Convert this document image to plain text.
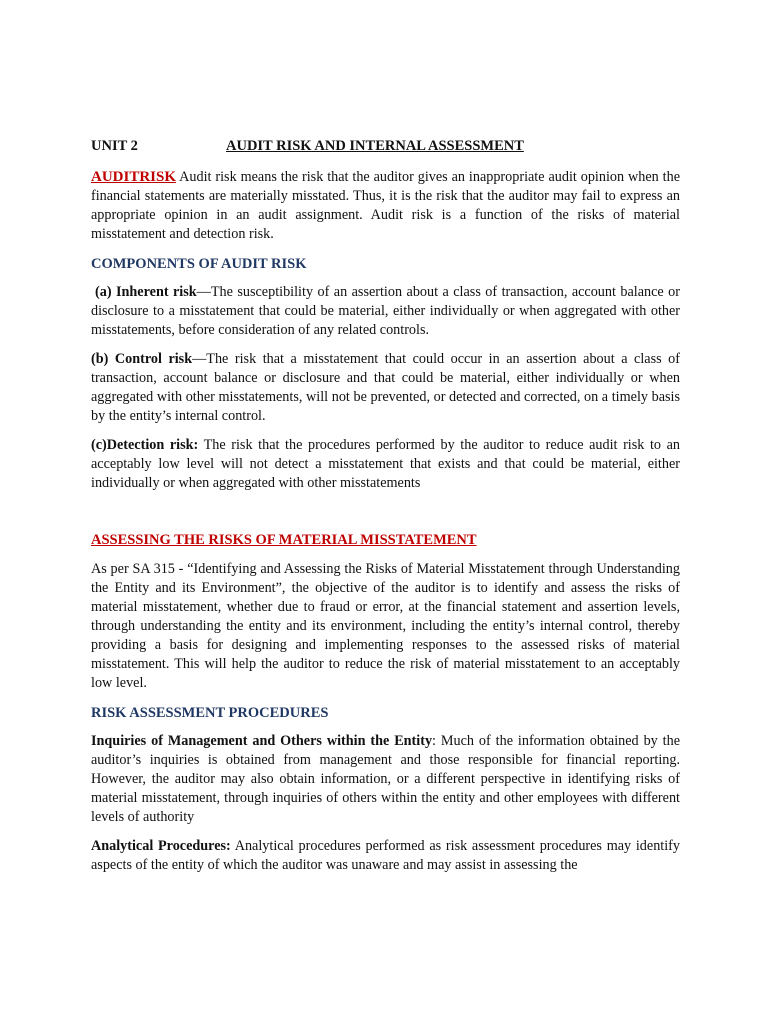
UNIT 2	AUDIT RISK AND INTERNAL ASSESSMENT

AUDITRISK Audit risk means the risk that the auditor gives an inappropriate audit opinion when the financial statements are materially misstated. Thus, it is the risk that the auditor may fail to express an appropriate opinion in an audit assignment. Audit risk is a function of the risks of material misstatement and detection risk.

COMPONENTS OF AUDIT RISK

(a) Inherent risk—The susceptibility of an assertion about a class of transaction, account balance or disclosure to a misstatement that could be material, either individually or when aggregated with other misstatements, before consideration of any related controls.

(b) Control risk—The risk that a misstatement that could occur in an assertion about a class of transaction, account balance or disclosure and that could be material, either individually or when aggregated with other misstatements, will not be prevented, or detected and corrected, on a timely basis by the entity’s internal control.

(c)Detection risk: The risk that the procedures performed by the auditor to reduce audit risk to an acceptably low level will not detect a misstatement that exists and that could be material, either individually or when aggregated with other misstatements

ASSESSING THE RISKS OF MATERIAL MISSTATEMENT

As per SA 315 - “Identifying and Assessing the Risks of Material Misstatement through Understanding the Entity and its Environment”, the objective of the auditor is to identify and assess the risks of material misstatement, whether due to fraud or error, at the financial statement and assertion levels, through understanding the entity and its environment, including the entity’s internal control, thereby providing a basis for designing and implementing responses to the assessed risks of material misstatement. This will help the auditor to reduce the risk of material misstatement to an acceptably low level.

RISK ASSESSMENT PROCEDURES

Inquiries of Management and Others within the Entity: Much of the information obtained by the auditor’s inquiries is obtained from management and those responsible for financial reporting. However, the auditor may also obtain information, or a different perspective in identifying risks of material misstatement, through inquiries of others within the entity and other employees with different levels of authority

Analytical Procedures: Analytical procedures performed as risk assessment procedures may identify aspects of the entity of which the auditor was unaware and may assist in assessing the
